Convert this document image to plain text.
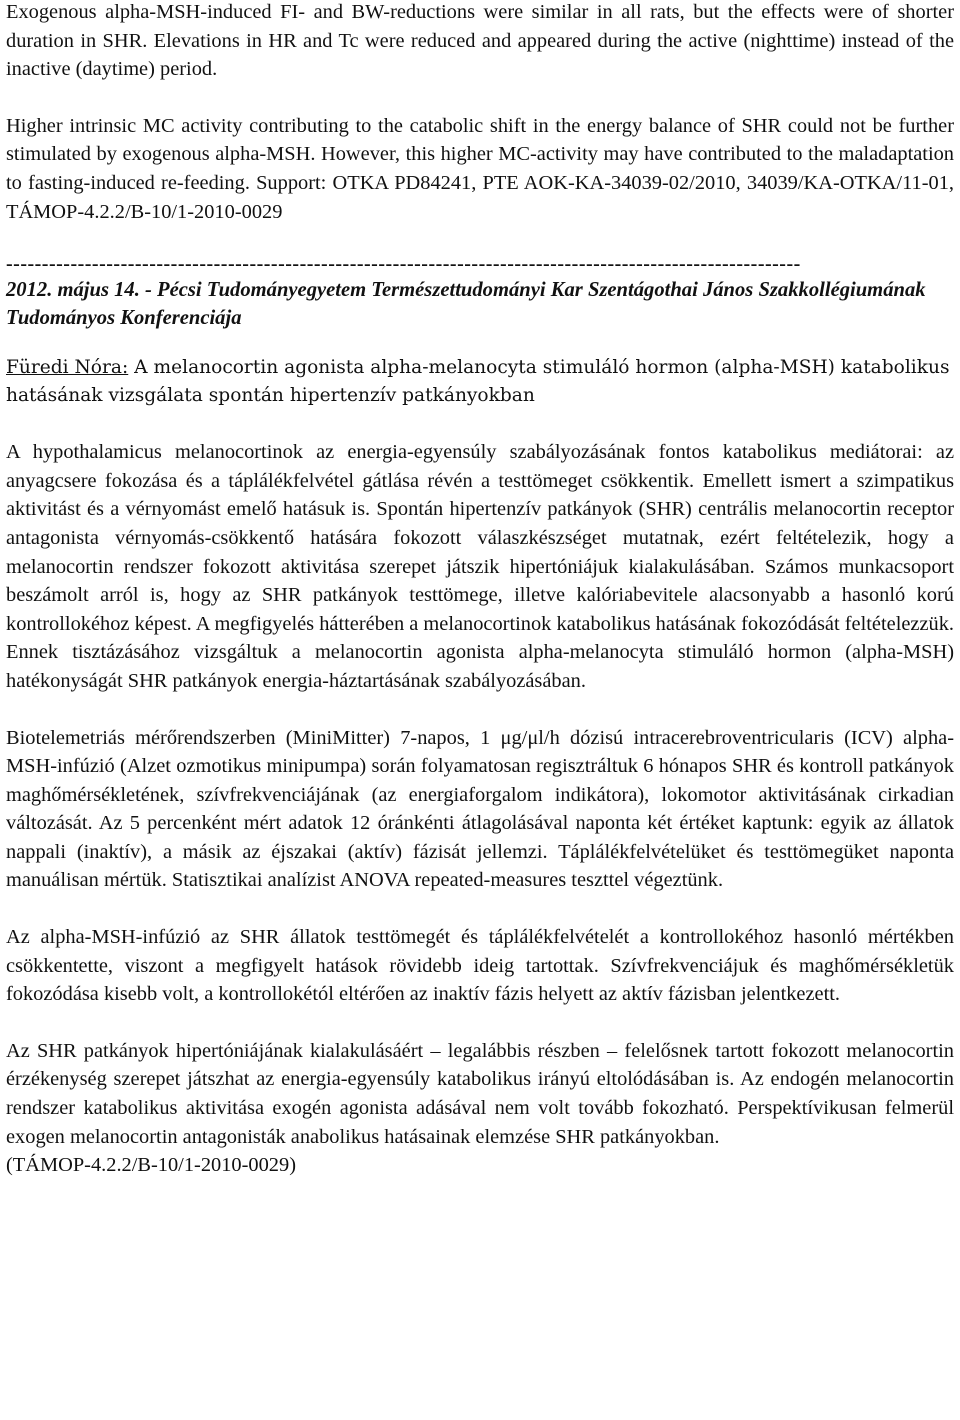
Exogenous alpha-MSH-induced FI- and BW-reductions were similar in all rats, but the effects were of shorter duration in SHR. Elevations in HR and Tc were reduced and appeared during the active (nighttime) instead of the inactive (daytime) period.

Higher intrinsic MC activity contributing to the catabolic shift in the energy balance of SHR could not be further stimulated by exogenous alpha-MSH. However, this higher MC-activity may have contributed to the maladaptation to fasting-induced re-feeding. Support: OTKA PD84241, PTE AOK-KA-34039-02/2010, 34039/KA-OTKA/11-01, TÁMOP-4.2.2/B-10/1-2010-0029

---------------------------------------------------------------------------------------------------------------

2012. május 14. - Pécsi Tudományegyetem Természettudományi Kar Szentágothai János Szakkollégiumának Tudományos Konferenciája

Füredi Nóra: A melanocortin agonista alpha-melanocyta stimuláló hormon (alpha-MSH) katabolikus hatásának vizsgálata spontán hipertenzív patkányokban

A hypothalamicus melanocortinok az energia-egyensúly szabályozásának fontos katabolikus mediátorai: az anyagcsere fokozása és a táplálékfelvétel gátlása révén a testtömeget csökkentik. Emellett ismert a szimpatikus aktivitást és a vérnyomást emelő hatásuk is. Spontán hipertenzív patkányok (SHR) centrális melanocortin receptor antagonista vérnyomás-csökkentő hatására fokozott válaszkészséget mutatnak, ezért feltételezik, hogy a melanocortin rendszer fokozott aktivitása szerepet játszik hipertóniájuk kialakulásában. Számos munkacsoport beszámolt arról is, hogy az SHR patkányok testtömege, illetve kalóriabevitele alacsonyabb a hasonló korú kontrollokéhoz képest. A megfigyelés hátterében a melanocortinok katabolikus hatásának fokozódását feltételezzük. Ennek tisztázásához vizsgáltuk a melanocortin agonista alpha-melanocyta stimuláló hormon (alpha-MSH) hatékonyságát SHR patkányok energia-háztartásának szabályozásában.

Biotelemetriás mérőrendszerben (MiniMitter) 7-napos, 1 μg/μl/h dózisú intracerebroventricularis (ICV) alpha-MSH-infúzió (Alzet ozmotikus minipumpa) során folyamatosan regisztráltuk 6 hónapos SHR és kontroll patkányok maghőmérsékletének, szívfrekvenciájának (az energiaforgalom indikátora), lokomotor aktivitásának cirkadian változását. Az 5 percenként mért adatok 12 óránkénti átlagolásával naponta két értéket kaptunk: egyik az állatok nappali (inaktív), a másik az éjszakai (aktív) fázisát jellemzi. Táplálékfelvételüket és testtömegüket naponta manuálisan mértük. Statisztikai analízist ANOVA repeated-measures teszttel végeztünk.

Az alpha-MSH-infúzió az SHR állatok testtömegét és táplálékfelvételét a kontrollokéhoz hasonló mértékben csökkentette, viszont a megfigyelt hatások rövidebb ideig tartottak. Szívfrekvenciájuk és maghőmérsékletük fokozódása kisebb volt, a kontrollokétól eltérően az inaktív fázis helyett az aktív fázisban jelentkezett.

Az SHR patkányok hipertóniájának kialakulásáért – legalábbis részben – felelősnek tartott fokozott melanocortin érzékenység szerepet játszhat az energia-egyensúly katabolikus irányú eltolódásában is. Az endogén melanocortin rendszer katabolikus aktivitása exogén agonista adásával nem volt tovább fokozható. Perspektívikusan felmerül exogen melanocortin antagonisták anabolikus hatásainak elemzése SHR patkányokban.

(TÁMOP-4.2.2/B-10/1-2010-0029)
